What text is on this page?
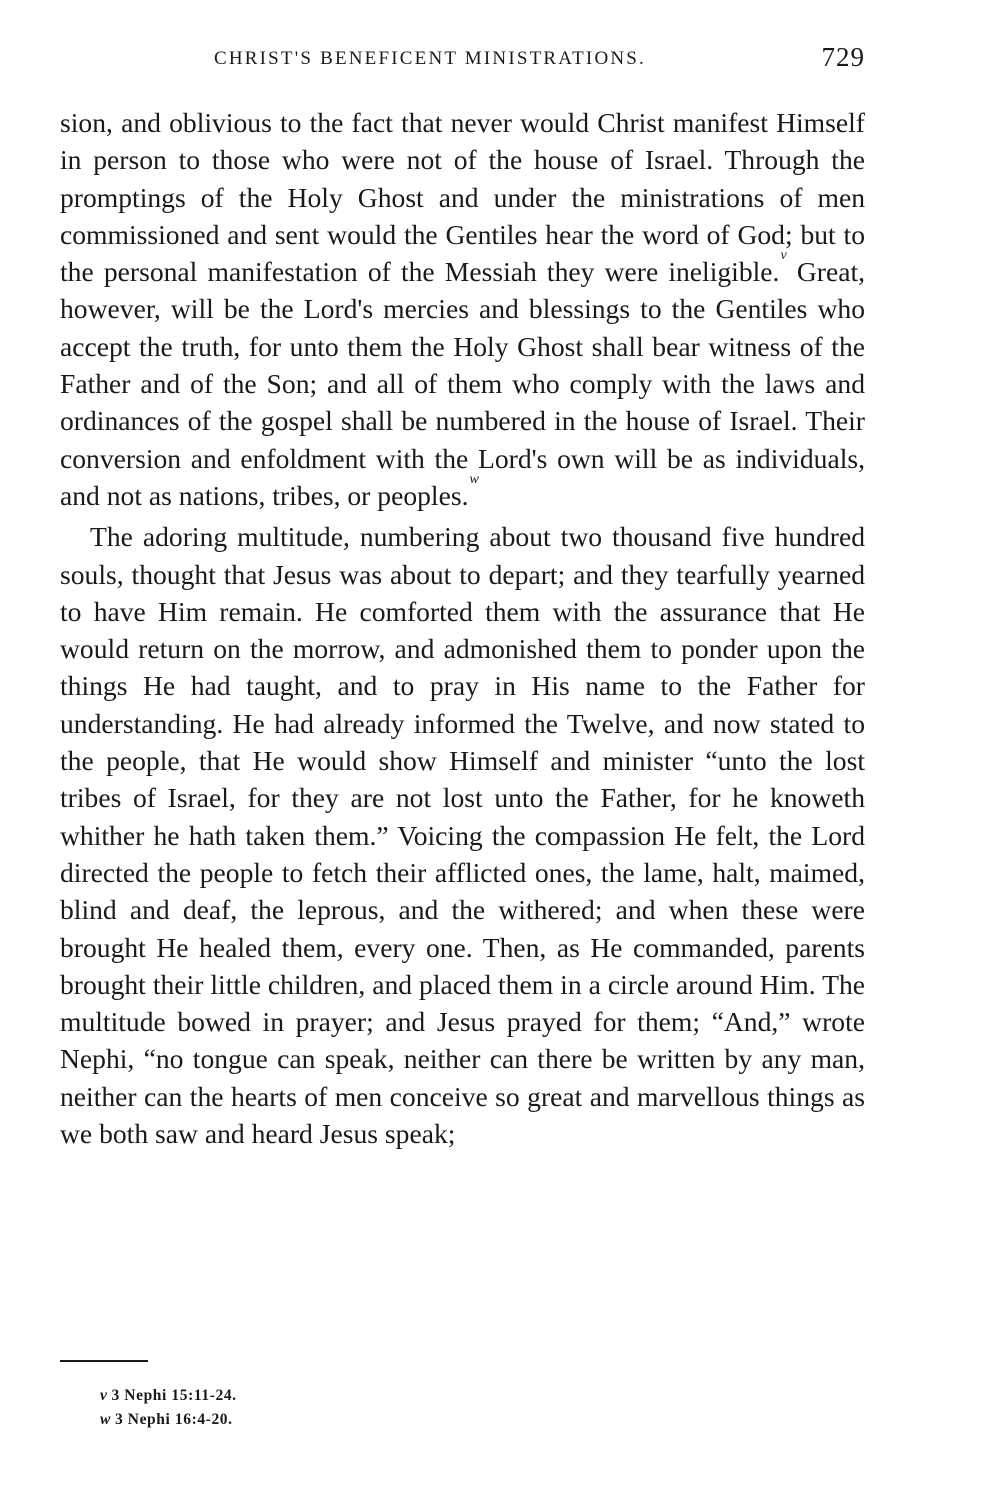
CHRIST'S BENEFICENT MINISTRATIONS.	729

sion, and oblivious to the fact that never would Christ manifest Himself in person to those who were not of the house of Israel. Through the promptings of the Holy Ghost and under the ministrations of men commissioned and sent would the Gentiles hear the word of God; but to the personal manifestation of the Messiah they were ineligible.$^v$ Great, however, will be the Lord's mercies and blessings to the Gentiles who accept the truth, for unto them the Holy Ghost shall bear witness of the Father and of the Son; and all of them who comply with the laws and ordinances of the gospel shall be numbered in the house of Israel. Their conversion and enfoldment with the Lord's own will be as individuals, and not as nations, tribes, or peoples.$^w$

The adoring multitude, numbering about two thousand five hundred souls, thought that Jesus was about to depart; and they tearfully yearned to have Him remain. He comforted them with the assurance that He would return on the morrow, and admonished them to ponder upon the things He had taught, and to pray in His name to the Father for understanding. He had already informed the Twelve, and now stated to the people, that He would show Himself and minister “unto the lost tribes of Israel, for they are not lost unto the Father, for he knoweth whither he hath taken them.” Voicing the compassion He felt, the Lord directed the people to fetch their afflicted ones, the lame, halt, maimed, blind and deaf, the leprous, and the withered; and when these were brought He healed them, every one. Then, as He commanded, parents brought their little children, and placed them in a circle around Him. The multitude bowed in prayer; and Jesus prayed for them; “And,” wrote Nephi, “no tongue can speak, neither can there be written by any man, neither can the hearts of men conceive so great and marvellous things as we both saw and heard Jesus speak;

v 3 Nephi 15:11-24.
w 3 Nephi 16:4-20.
